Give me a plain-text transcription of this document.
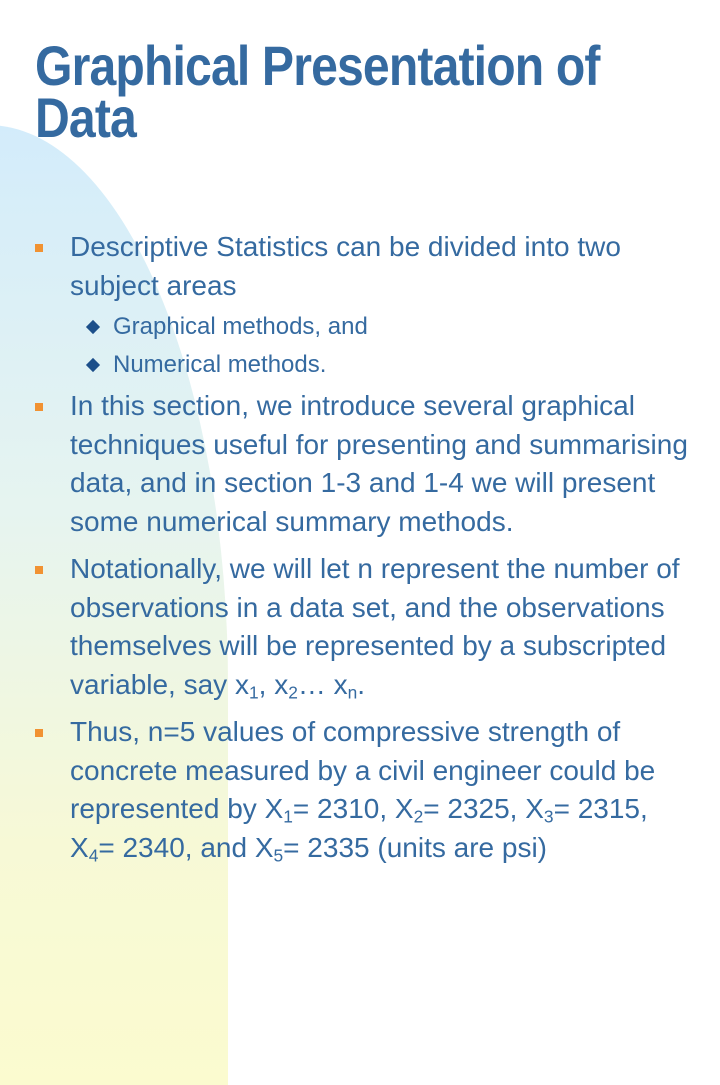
Graphical Presentation of Data
Descriptive Statistics can be divided into two subject areas
Graphical methods, and
Numerical methods.
In this section, we introduce several graphical techniques useful for presenting and summarising data, and in section 1-3 and 1-4 we will present some numerical summary methods.
Notationally, we will let n represent the number of observations in a data set, and the observations themselves will be represented by a subscripted variable, say $x_1$, $x_2\dots$ $x_n$.
Thus, n=5 values of compressive strength of concrete measured by a civil engineer could be represented by $X_1= 2310$, $X_2= 2325$, $X_3= 2315$, $X_4= 2340$, and $X_5= 2335$ (units are psi)
